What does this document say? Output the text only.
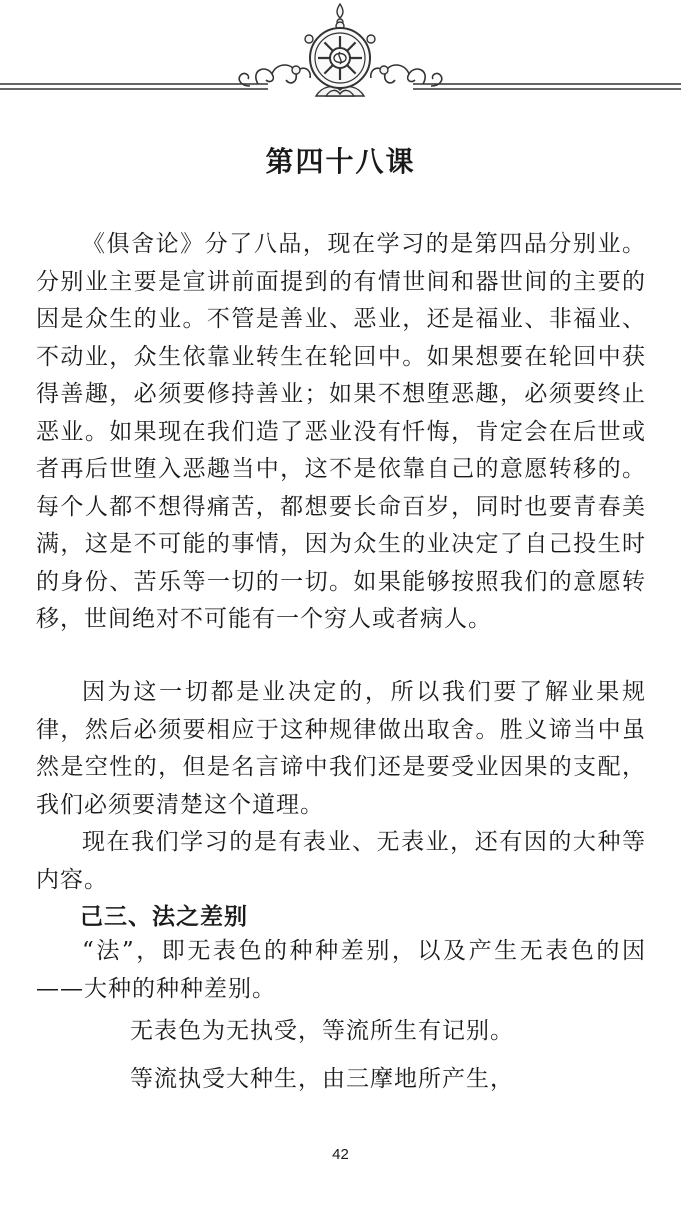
第四十八课

《俱舍论》分了八品，现在学习的是第四品分别业。分别业主要是宣讲前面提到的有情世间和器世间的主要的因是众生的业。不管是善业、恶业，还是福业、非福业、不动业，众生依靠业转生在轮回中。如果想要在轮回中获得善趣，必须要修持善业；如果不想堕恶趣，必须要终止恶业。如果现在我们造了恶业没有忏悔，肯定会在后世或者再后世堕入恶趣当中，这不是依靠自己的意愿转移的。每个人都不想得痛苦，都想要长命百岁，同时也要青春美满，这是不可能的事情，因为众生的业决定了自己投生时的身份、苦乐等一切的一切。如果能够按照我们的意愿转移，世间绝对不可能有一个穷人或者病人。

因为这一切都是业决定的，所以我们要了解业果规律，然后必须要相应于这种规律做出取舍。胜义谛当中虽然是空性的，但是名言谛中我们还是要受业因果的支配，我们必须要清楚这个道理。

现在我们学习的是有表业、无表业，还有因的大种等内容。

己三、法之差别

“法”，即无表色的种种差别，以及产生无表色的因——大种的种种差别。

无表色为无执受，等流所生有记别。

等流执受大种生，由三摩地所产生，

42
